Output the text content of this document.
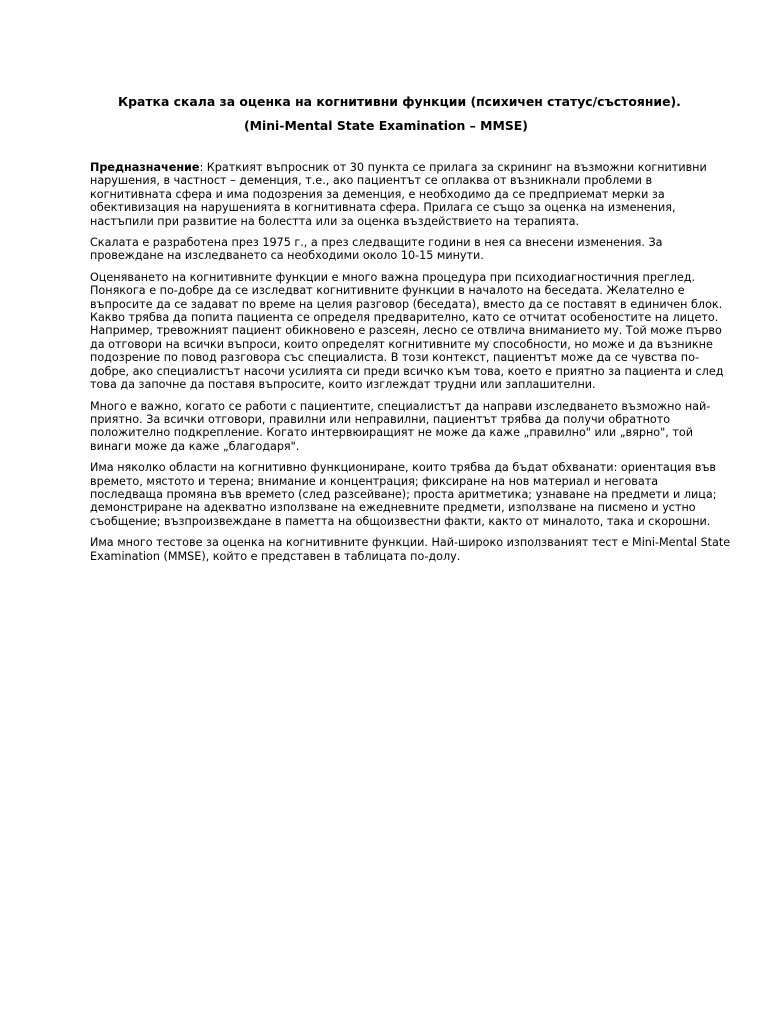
Кратка скала за оценка на когнитивни функции (психичен статус/състояние).
(Mini-Mental State Examination – MMSE)
Предназначение: Краткият въпросник от 30 пункта се прилага за скрининг на възможни когнитивни
нарушения, в частност – деменция, т.е., ако пациентът се оплаква от възникнали проблеми в
когнитивната сфера и има подозрения за деменция, е необходимо да се предприемат мерки за
обективизация на нарушенията в когнитивната сфера. Прилага се също за оценка на изменения,
настъпили при развитие на болестта или за оценка въздействието на терапията.
Скалата е разработена през 1975 г., а през следващите години в нея са внесени изменения. За
провеждане на изследването са необходими около 10-15 минути.
Оценяването на когнитивните функции е много важна процедура при психодиагностичния преглед.
Понякога е по-добре да се изследват когнитивните функции в началото на беседата. Желателно е
въпросите да се задават по време на целия разговор (беседата), вместо да се поставят в единичен блок.
Какво трябва да попита пациента се определя предварително, като се отчитат особеностите на лицето.
Например, тревожният пациент обикновено е разсеян, лесно се отвлича вниманието му. Той може първо
да отговори на всички въпроси, които определят когнитивните му способности, но може и да възникне
подозрение по повод разговора със специалиста. В този контекст, пациентът може да се чувства по-
добре, ако специалистът насочи усилията си преди всичко към това, което е приятно за пациента и след
това да започне да поставя въпросите, които изглеждат трудни или заплашителни.
Много е важно, когато се работи с пациентите, специалистът да направи изследването възможно най-
приятно. За всички отговори, правилни или неправилни, пациентът трябва да получи обратното
положително подкрепление. Когато интервюиращият не може да каже „правилно" или „вярно", той
винаги може да каже „благодаря".
Има няколко области на когнитивно функциониране, които трябва да бъдат обхванати: ориентация във
времето, мястото и терена; внимание и концентрация; фиксиране на нов материал и неговата
последваща промяна във времето (след разсейване); проста аритметика; узнаване на предмети и лица;
демонстриране на адекватно използване на ежедневните предмети, използване на писмено и устно
съобщение; възпроизвеждане в паметта на общоизвестни факти, както от миналото, така и скорошни.
Има много тестове за оценка на когнитивните функции. Най-широко използваният тест е Mini-Mental State
Examination (MMSE), който е представен в таблицата по-долу.
